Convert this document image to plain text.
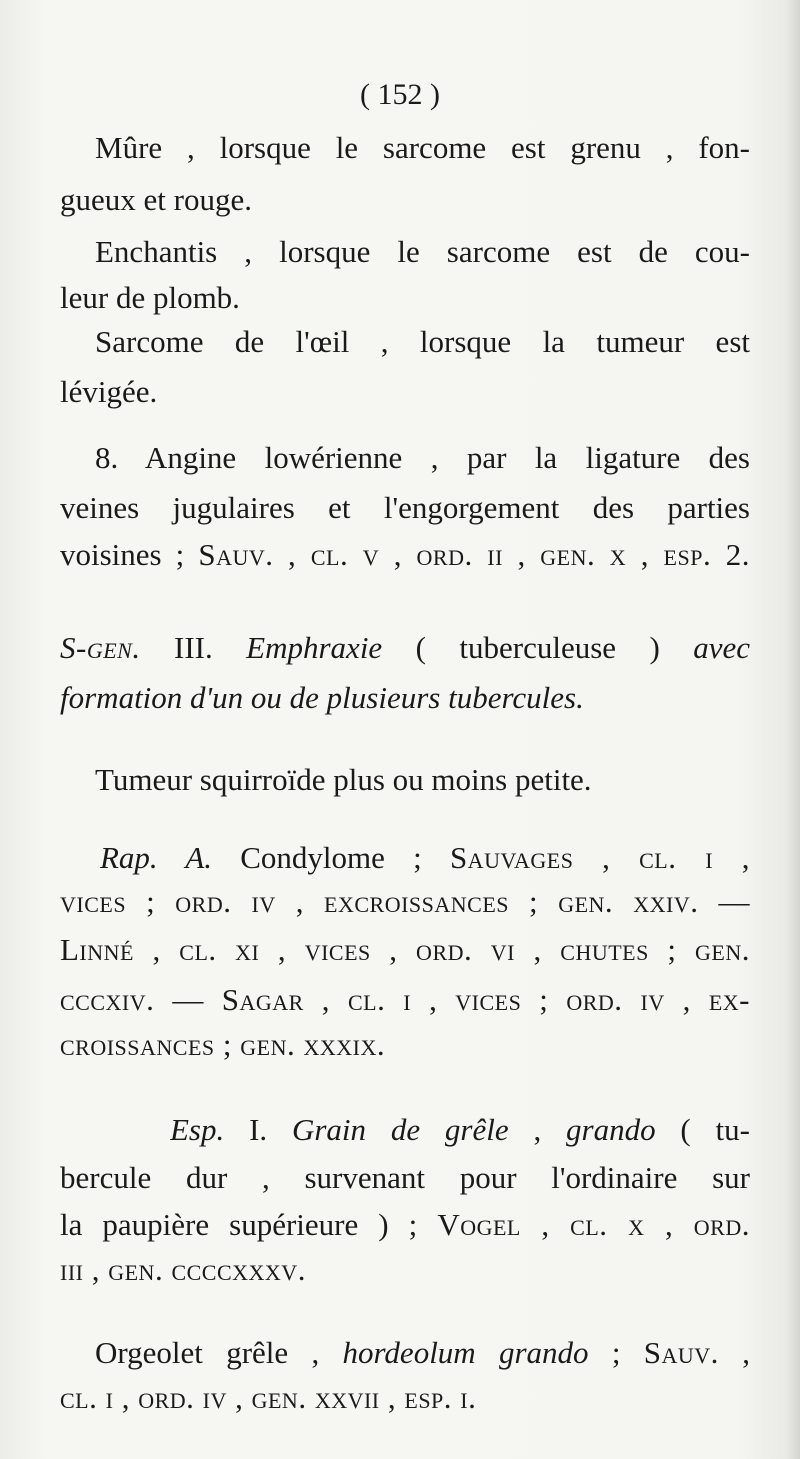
( 152 )
Mûre , lorsque le sarcome est grenu , fon-
gueux et rouge.
Enchantis , lorsque le sarcome est de cou-
leur de plomb.
Sarcome de l'œil , lorsque la tumeur est
lévigée.
8. Angine lowérienne , par la ligature des
veines jugulaires et l'engorgement des parties
voisines ; Sauv. , cl. v , ord. ii , gen. x , esp. 2.
S-gen. III. Emphraxie ( tuberculeuse ) avec
formation d'un ou de plusieurs tubercules.
Tumeur squirroïde plus ou moins petite.
Rap. A. Condylome ; Sauvages , cl. i ,
vices ; ord. iv , excroissances ; gen. xxiv. —
Linné , cl. xi , vices , ord. vi , chutes ; gen.
cccxiv. — Sagar , cl. i , vices ; ord. iv , ex-
croissances ; gen. xxxix.
Esp. I. Grain de grêle , grando ( tu-
bercule dur , survenant pour l'ordinaire sur
la paupière supérieure ) ; Vogel , cl. x , ord.
iii , gen. ccccxxxv.
Orgeolet grêle , hordeolum grando ; Sauv. ,
cl. i , ord. iv , gen. xxvii , esp. i.
